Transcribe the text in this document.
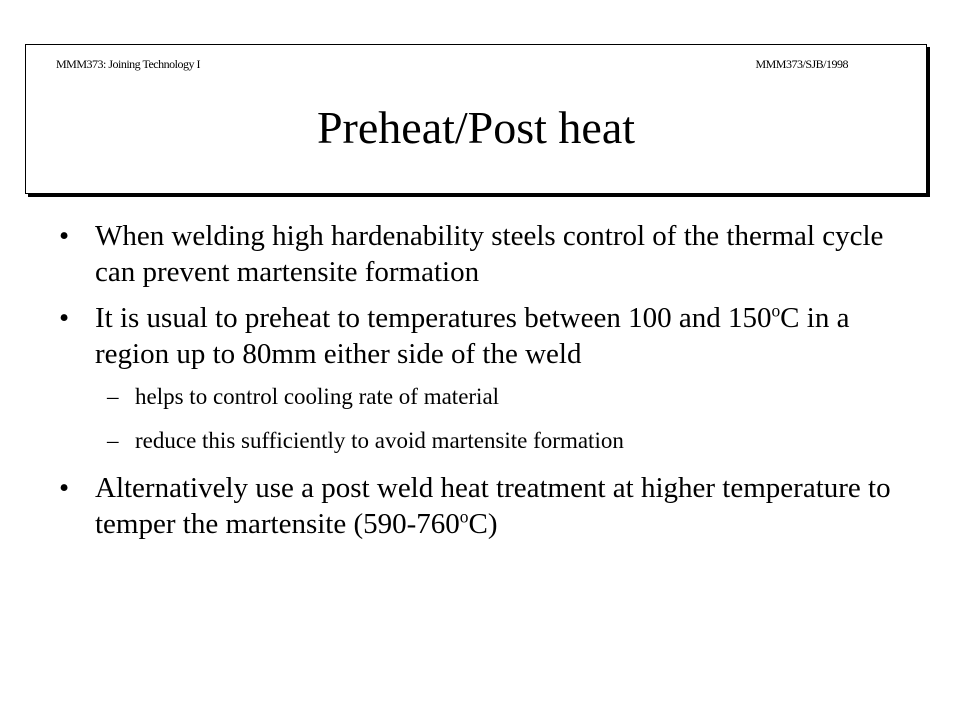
MMM373: Joining Technology I	MMM373/SJB/1998
Preheat/Post heat
• When welding high hardenability steels control of the thermal cycle can prevent martensite formation
• It is usual to preheat to temperatures between 100 and 150$^o$C in a region up to 80mm either side of the weld
– helps to control cooling rate of material
– reduce this sufficiently to avoid martensite formation
• Alternatively use a post weld heat treatment at higher temperature to temper the martensite (590-760$^o$C)
